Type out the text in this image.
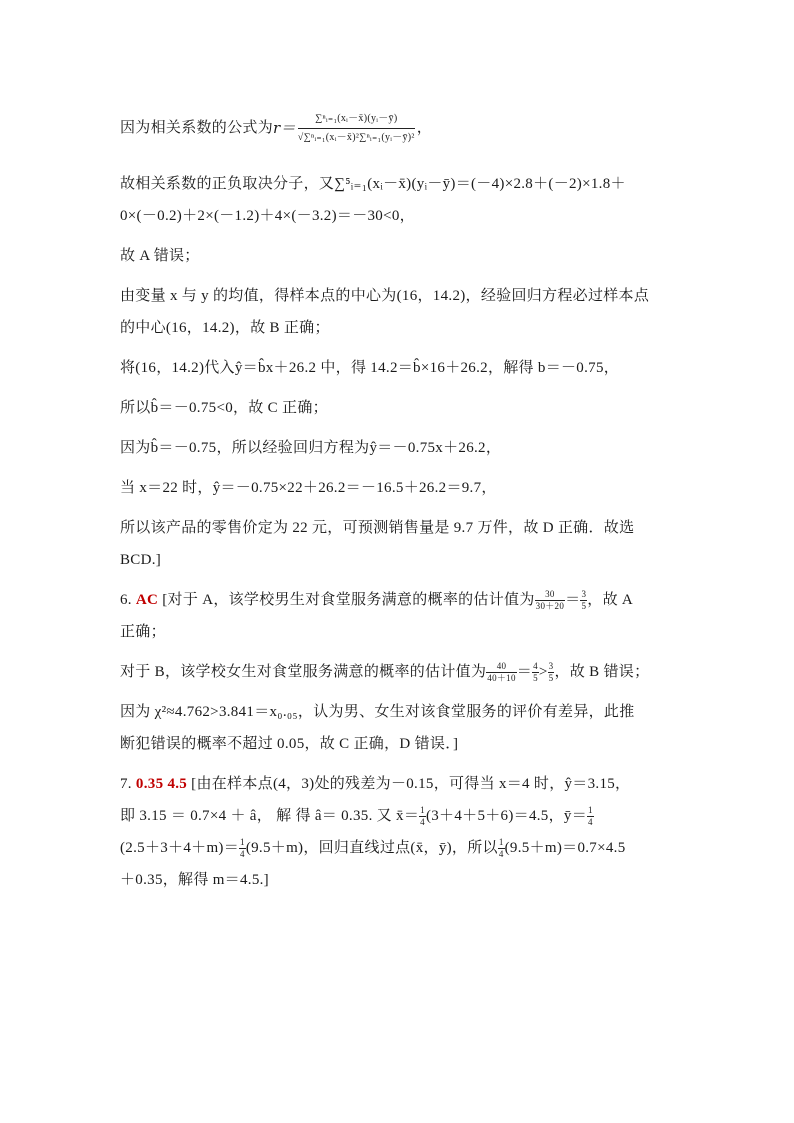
因为相关系数的公式为 $r= \frac{\text{∑ⁿᵢ₌₁(xᵢ－x̄)(yᵢ－ȳ)}}{\text{√∑ⁿᵢ₌₁(xᵢ－x̄)²∑ⁿᵢ₌₁(yᵢ－ȳ)²}}$ ，

故相关系数的正负取决分子，又∑⁵ᵢ₌₁(xᵢ－x̄)(yᵢ－ȳ)＝(－4)×2.8＋(－2)×1.8＋

0×(－0.2)＋2×(－1.2)＋4×(－3.2)＝－30<0，

故 A 错误；

由变量 x 与 y 的均值，得样本点的中心为(16，14.2)，经验回归方程必过样本点

的中心(16，14.2)，故 B 正确；

将(16，14.2)代入ŷ＝b̂x＋26.2 中，得 14.2＝b̂×16＋26.2，解得 b＝－0.75，

所以b̂＝－0.75<0，故 C 正确；

因为b̂＝－0.75，所以经验回归方程为ŷ＝－0.75x＋26.2，

当 x＝22 时，ŷ＝－0.75×22＋26.2＝－16.5＋26.2＝9.7，

所以该产品的零售价定为 22 元，可预测销售量是 9.7 万件，故 D 正确．故选

BCD.]

6. AC [对于 A，该学校男生对食堂服务满意的概率的估计值为 $\frac{30}{30+20} = \frac{3}{5}$ ，故 A

正确；

对于 B，该学校女生对食堂服务满意的概率的估计值为 $\frac{40}{40+10} = \frac{4}{5} > \frac{3}{5}$ ，故 B 错误；

因为 χ²≈4.762>3.841＝x₀.₀₅，认为男、女生对该食堂服务的评价有差异，此推

断犯错误的概率不超过 0.05，故 C 正确，D 错误．]

7. 0.35 4.5 [由在样本点(4，3)处的残差为－0.15，可得当 x＝4 时，ŷ＝3.15，

即 3.15 ＝ 0.7×4 ＋ â， 解 得 â＝ 0.35. 又 x̄＝ $\frac{1}{4} (3+4+5+6)=4.5$，ȳ＝ $\frac{1}{4}$

$(2.5+3+4+m)= \frac{1}{4} (9.5+m)$，回归直线过点(x̄，ȳ)，所以 $\frac{1}{4} (9.5+m)=0.7\times 4.5$

＋0.35，解得 m＝4.5.]
